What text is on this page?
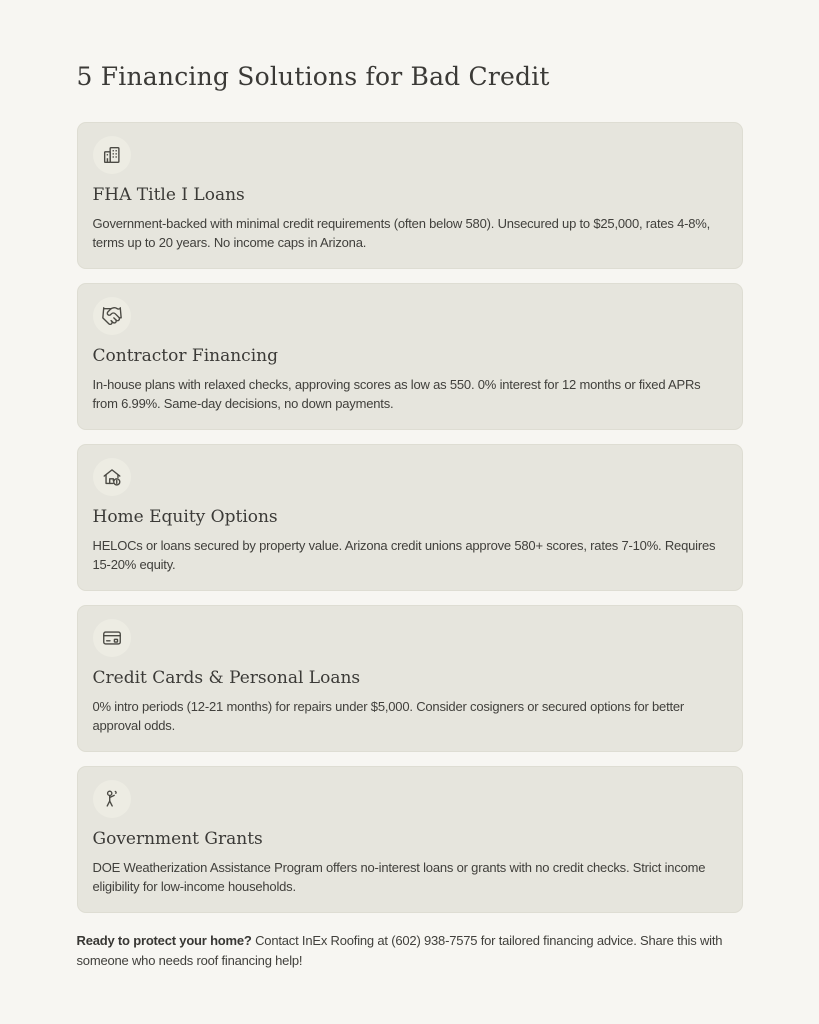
5 Financing Solutions for Bad Credit
FHA Title I Loans

Government-backed with minimal credit requirements (often below 580). Unsecured up to $25,000, rates 4-8%, terms up to 20 years. No income caps in Arizona.

Contractor Financing

In-house plans with relaxed checks, approving scores as low as 550. 0% interest for 12 months or fixed APRs from 6.99%. Same-day decisions, no down payments.

Home Equity Options

HELOCs or loans secured by property value. Arizona credit unions approve 580+ scores, rates 7-10%. Requires 15-20% equity.

Credit Cards & Personal Loans

0% intro periods (12-21 months) for repairs under $5,000. Consider cosigners or secured options for better approval odds.

Government Grants

DOE Weatherization Assistance Program offers no-interest loans or grants with no credit checks. Strict income eligibility for low-income households.

Ready to protect your home? Contact InEx Roofing at (602) 938-7575 for tailored financing advice. Share this with someone who needs roof financing help!
